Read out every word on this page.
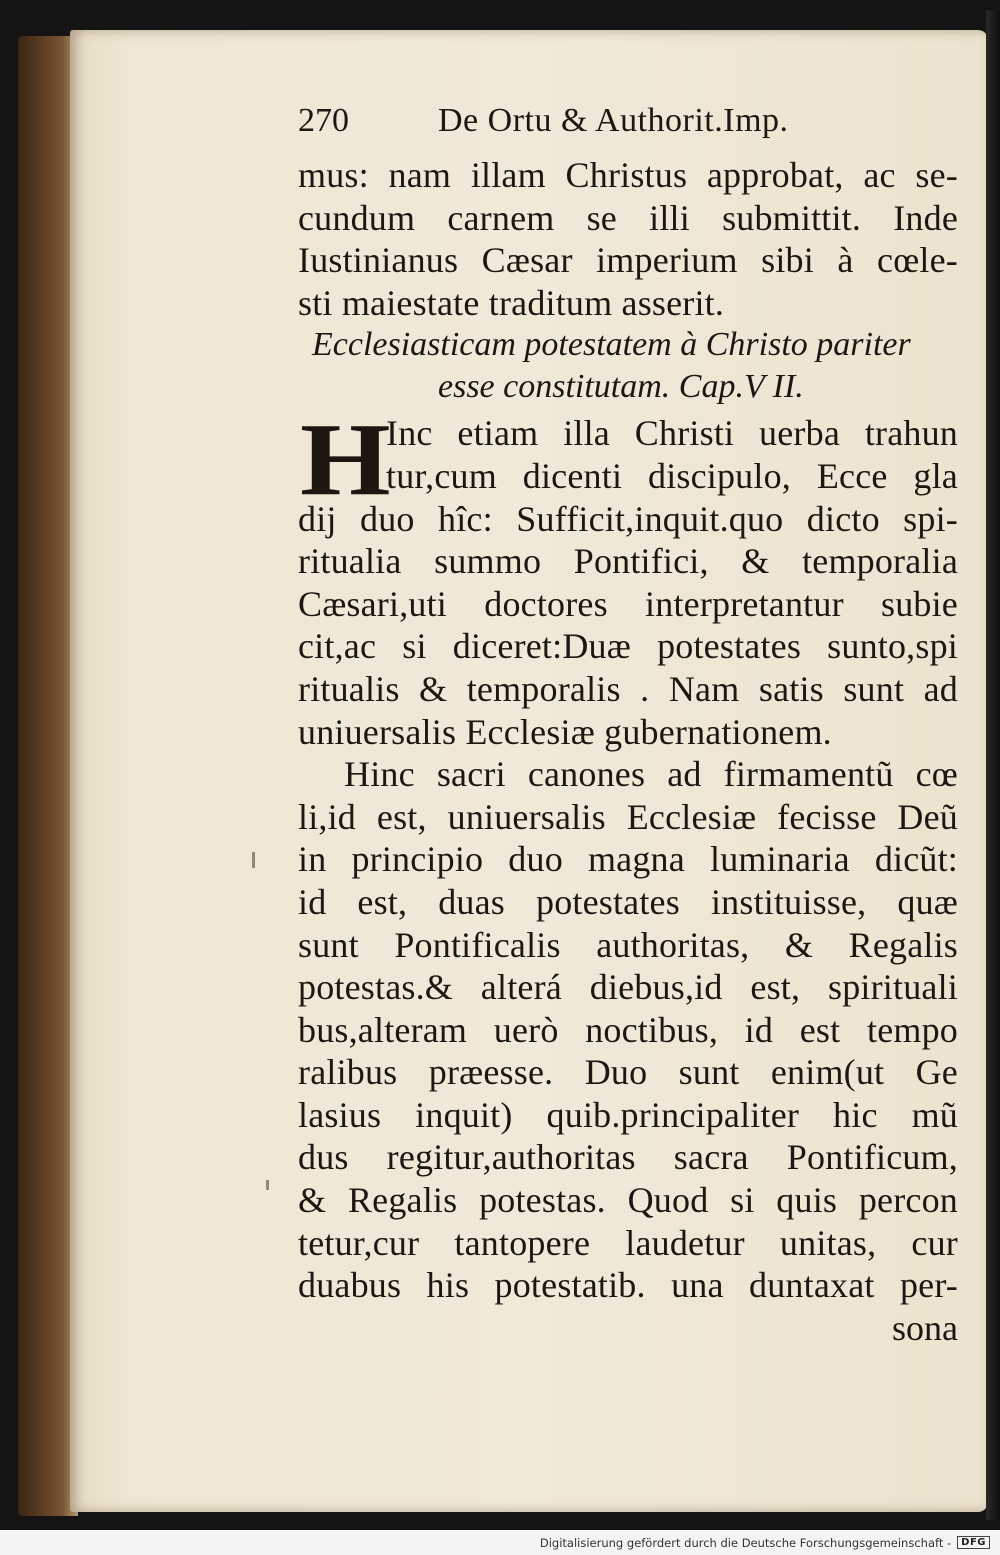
270	De Ortu & Authorit.Imp.
mus: nam illam Christus approbat, ac se-
cundum carnem se illi submittit. Inde
Iustinianus Cæsar imperium sibi à cœle-
sti maiestate traditum asserit.
Ecclesiasticam potestatem à Christo pariter
esse constitutam. Cap.V II.
H
Inc etiam illa Christi uerba trahun
tur,cum dicenti discipulo, Ecce gla
dij duo hîc: Sufficit,inquit.quo dicto spi-
ritualia summo Pontifici, & temporalia
Cæsari,uti doctores interpretantur subie
cit,ac si diceret:Duæ potestates sunto,spi
ritualis & temporalis . Nam satis sunt ad
uniuersalis Ecclesiæ gubernationem.
Hinc sacri canones ad firmamentũ cœ
li,id est, uniuersalis Ecclesiæ fecisse Deũ
in principio duo magna luminaria dicũt:
id est, duas potestates instituisse, quæ
sunt Pontificalis authoritas, & Regalis
potestas.& alterá diebus,id est, spirituali
bus,alteram uerò noctibus, id est tempo
ralibus præesse. Duo sunt enim(ut Ge
lasius inquit) quib.principaliter hic mũ
dus regitur,authoritas sacra Pontificum,
& Regalis potestas. Quod si quis percon
tetur,cur tantopere laudetur unitas, cur
duabus his potestatib. una duntaxat per-
sona
Digitalisierung gefördert durch die Deutsche Forschungsgemeinschaft -	DFG
